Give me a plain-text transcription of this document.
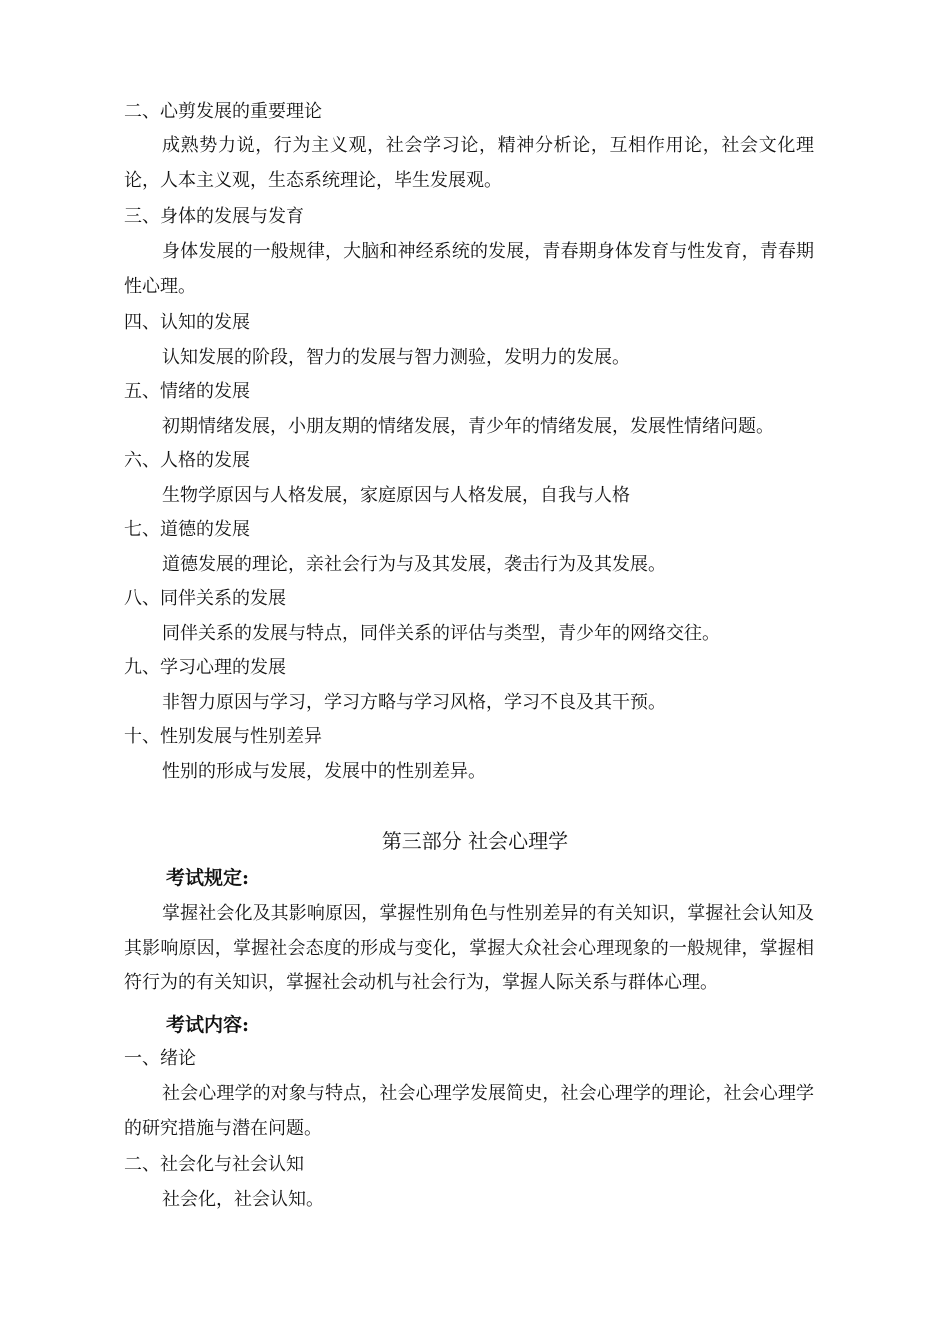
二、心剪发展的重要理论
成熟势力说，行为主义观，社会学习论，精神分析论，互相作用论，社会文化理论，人本主义观，生态系统理论，毕生发展观。
三、身体的发展与发育
身体发展的一般规律，大脑和神经系统的发展，青春期身体发育与性发育，青春期性心理。
四、认知的发展
认知发展的阶段，智力的发展与智力测验，发明力的发展。
五、情绪的发展
初期情绪发展，小朋友期的情绪发展，青少年的情绪发展，发展性情绪问题。
六、人格的发展
生物学原因与人格发展，家庭原因与人格发展，自我与人格
七、道德的发展
道德发展的理论，亲社会行为与及其发展，袭击行为及其发展。
八、同伴关系的发展
同伴关系的发展与特点，同伴关系的评估与类型，青少年的网络交往。
九、学习心理的发展
非智力原因与学习，学习方略与学习风格，学习不良及其干预。
十、性别发展与性别差异
性别的形成与发展，发展中的性别差异。
第三部分 社会心理学
考试规定:
掌握社会化及其影响原因，掌握性别角色与性别差异的有关知识，掌握社会认知及其影响原因，掌握社会态度的形成与变化，掌握大众社会心理现象的一般规律，掌握相符行为的有关知识，掌握社会动机与社会行为，掌握人际关系与群体心理。
考试内容:
一、绪论
社会心理学的对象与特点，社会心理学发展简史，社会心理学的理论，社会心理学的研究措施与潜在问题。
二、社会化与社会认知
社会化，社会认知。
